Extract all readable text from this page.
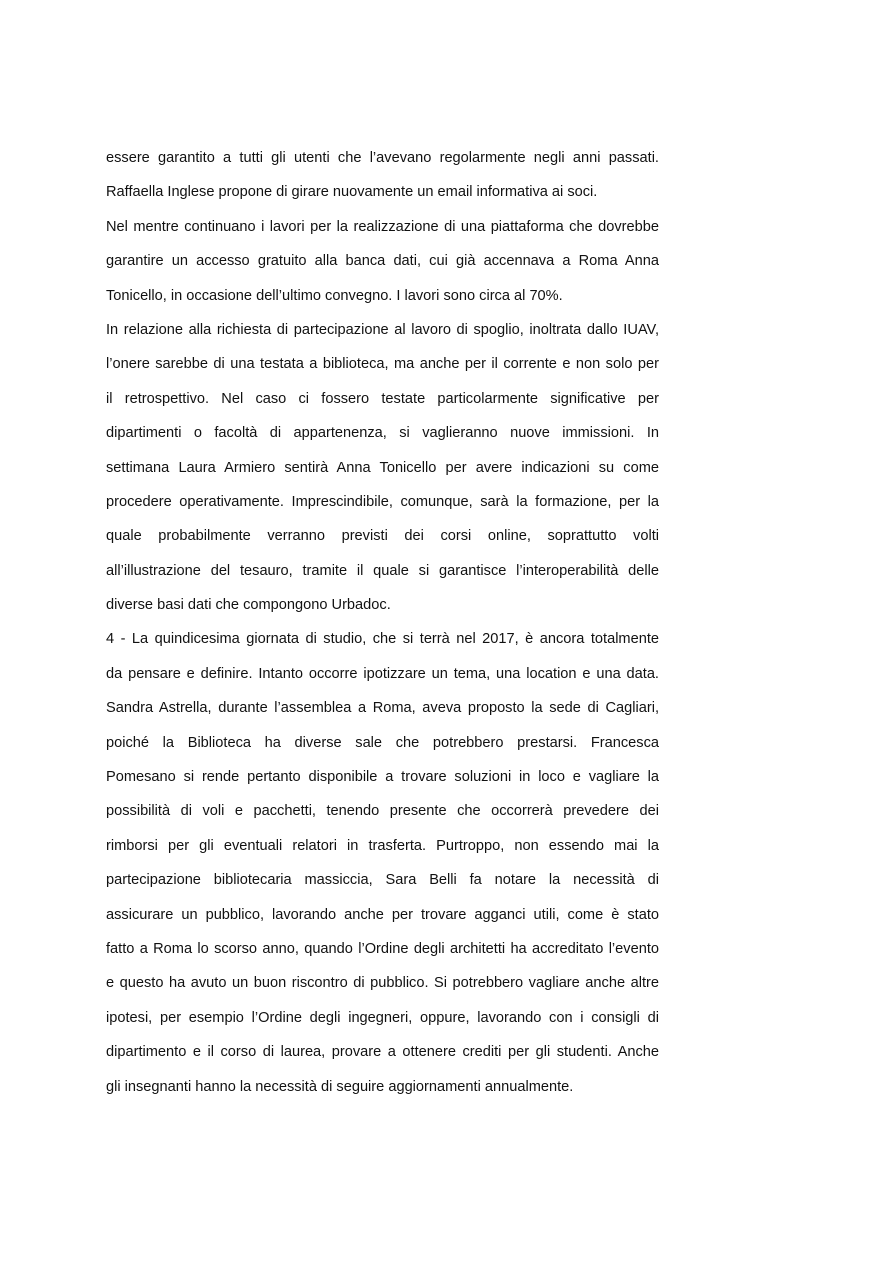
essere garantito a tutti gli utenti che l’avevano regolarmente negli anni passati.
Raffaella Inglese propone di girare nuovamente un email informativa ai soci.
Nel mentre continuano i lavori per la realizzazione di una piattaforma che dovrebbe
garantire un accesso gratuito alla banca dati, cui già accennava a Roma Anna
Tonicello, in occasione dell’ultimo convegno. I lavori sono circa al 70%.
In relazione alla richiesta di partecipazione al lavoro di spoglio, inoltrata dallo IUAV,
l’onere sarebbe di una testata a biblioteca, ma anche per il corrente e non solo per
il retrospettivo. Nel caso ci fossero testate particolarmente significative per
dipartimenti o facoltà di appartenenza, si vaglieranno nuove immissioni. In
settimana Laura Armiero sentirà Anna Tonicello per avere indicazioni su come
procedere operativamente. Imprescindibile, comunque, sarà la formazione, per la
quale probabilmente verranno previsti dei corsi online, soprattutto volti
all’illustrazione del tesauro, tramite il quale si garantisce l’interoperabilità delle
diverse basi dati che compongono Urbadoc.
4 - La quindicesima giornata di studio, che si terrà nel 2017, è ancora totalmente
da pensare e definire. Intanto occorre ipotizzare un tema, una location e una data.
Sandra Astrella, durante l’assemblea a Roma, aveva proposto la sede di Cagliari,
poiché la Biblioteca ha diverse sale che potrebbero prestarsi. Francesca
Pomesano si rende pertanto disponibile a trovare soluzioni in loco e vagliare la
possibilità di voli e pacchetti, tenendo presente che occorrerà prevedere dei
rimborsi per gli eventuali relatori in trasferta. Purtroppo, non essendo mai la
partecipazione bibliotecaria massiccia, Sara Belli fa notare la necessità di
assicurare un pubblico, lavorando anche per trovare agganci utili, come è stato
fatto a Roma lo scorso anno, quando l’Ordine degli architetti ha accreditato l’evento
e questo ha avuto un buon riscontro di pubblico. Si potrebbero vagliare anche altre
ipotesi, per esempio l’Ordine degli ingegneri, oppure, lavorando con i consigli di
dipartimento e il corso di laurea, provare a ottenere crediti per gli studenti. Anche
gli insegnanti hanno la necessità di seguire aggiornamenti annualmente.
